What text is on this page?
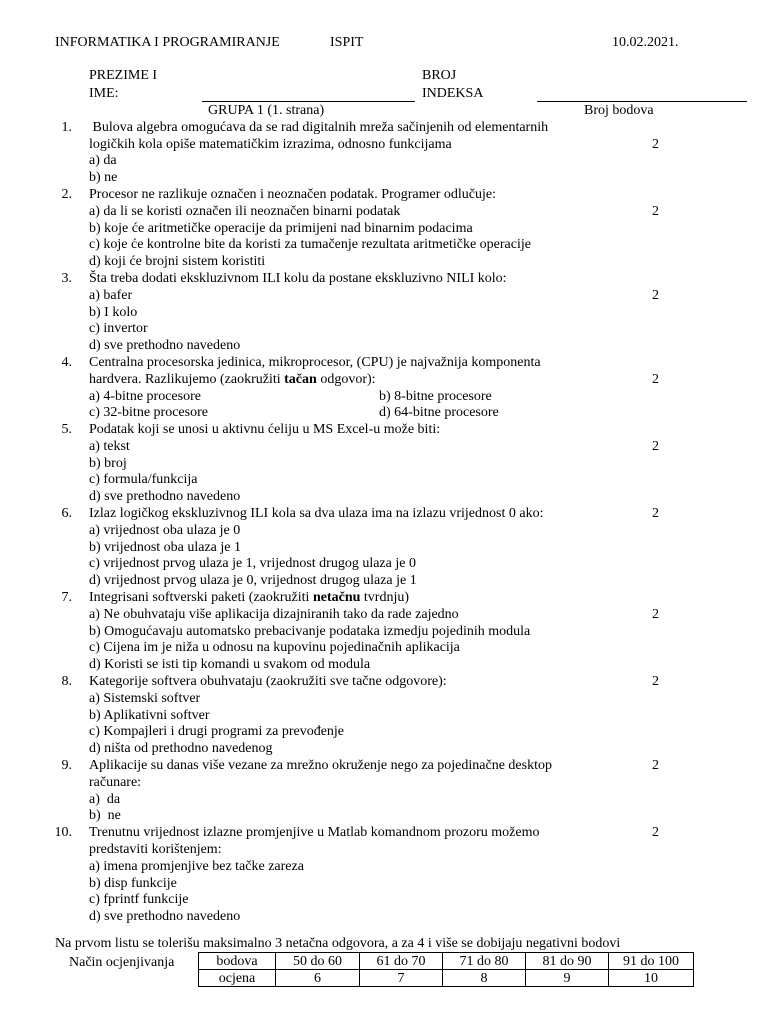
INFORMATIKA I PROGRAMIRANJE	ISPIT	10.02.2021.
PREZIME I
IME:
BROJ
INDEKSA
GRUPA 1 (1. strana)	Broj bodova
1. Bulova algebra omogućava da se rad digitalnih mreža sačinjenih od elementarnih
logičkih kola opiše matematičkim izrazima, odnosno funkcijama
a) da
b) ne
2
2. Procesor ne razlikuje označen i neoznačen podatak. Programer odlučuje:
a) da li se koristi označen ili neoznačen binarni podatak
b) koje će aritmetičke operacije da primijeni nad binarnim podacima
c) koje će kontrolne bite da koristi za tumačenje rezultata aritmetičke operacije
d) koji će brojni sistem koristiti
2
3. Šta treba dodati ekskluzivnom ILI kolu da postane ekskluzivno NILI kolo:
a) bafer
b) I kolo
c) invertor
d) sve prethodno navedeno
2
4. Centralna procesorska jedinica, mikroprocesor, (CPU) je najvažnija komponenta
hardvera. Razlikujemo (zaokružiti tačan odgovor):
a) 4-bitne procesore	b) 8-bitne procesore
c) 32-bitne procesore	d) 64-bitne procesore
2
5. Podatak koji se unosi u aktivnu ćeliju u MS Excel-u može biti:
a) tekst
b) broj
c) formula/funkcija
d) sve prethodno navedeno
2
6. Izlaz logičkog ekskluzivnog ILI kola sa dva ulaza ima na izlazu vrijednost 0 ako:
a) vrijednost oba ulaza je 0
b) vrijednost oba ulaza je 1
c) vrijednost prvog ulaza je 1, vrijednost drugog ulaza je 0
d) vrijednost prvog ulaza je 0, vrijednost drugog ulaza je 1
2
7. Integrisani softverski paketi (zaokružiti netačnu tvrdnju)
a) Ne obuhvataju više aplikacija dizajniranih tako da rade zajedno
b) Omogućavaju automatsko prebacivanje podataka izmedju pojedinih modula
c) Cijena im je niža u odnosu na kupovinu pojedinačnih aplikacija
d) Koristi se isti tip komandi u svakom od modula
2
8. Kategorije softvera obuhvataju (zaokružiti sve tačne odgovore):
a) Sistemski softver
b) Aplikativni softver
c) Kompajleri i drugi programi za prevođenje
d) ništa od prethodno navedenog
2
9. Aplikacije su danas više vezane za mrežno okruženje nego za pojedinačne desktop
računare:
a)  da
b)  ne
2
10. Trenutnu vrijednost izlazne promjenjive u Matlab komandnom prozoru možemo
predstaviti korištenjem:
a) imena promjenjive bez tačke zareza
b) disp funkcije
c) fprintf funkcije
d) sve prethodno navedeno
2
Na prvom listu se tolerišu maksimalno 3 netačna odgovora, a za 4 i više se dobijaju negativni bodovi
Način ocjenjivanja	bodova	50 do 60	61 do 70	71 do 80	81 do 90	91 do 100
ocjena	6	7	8	9	10
